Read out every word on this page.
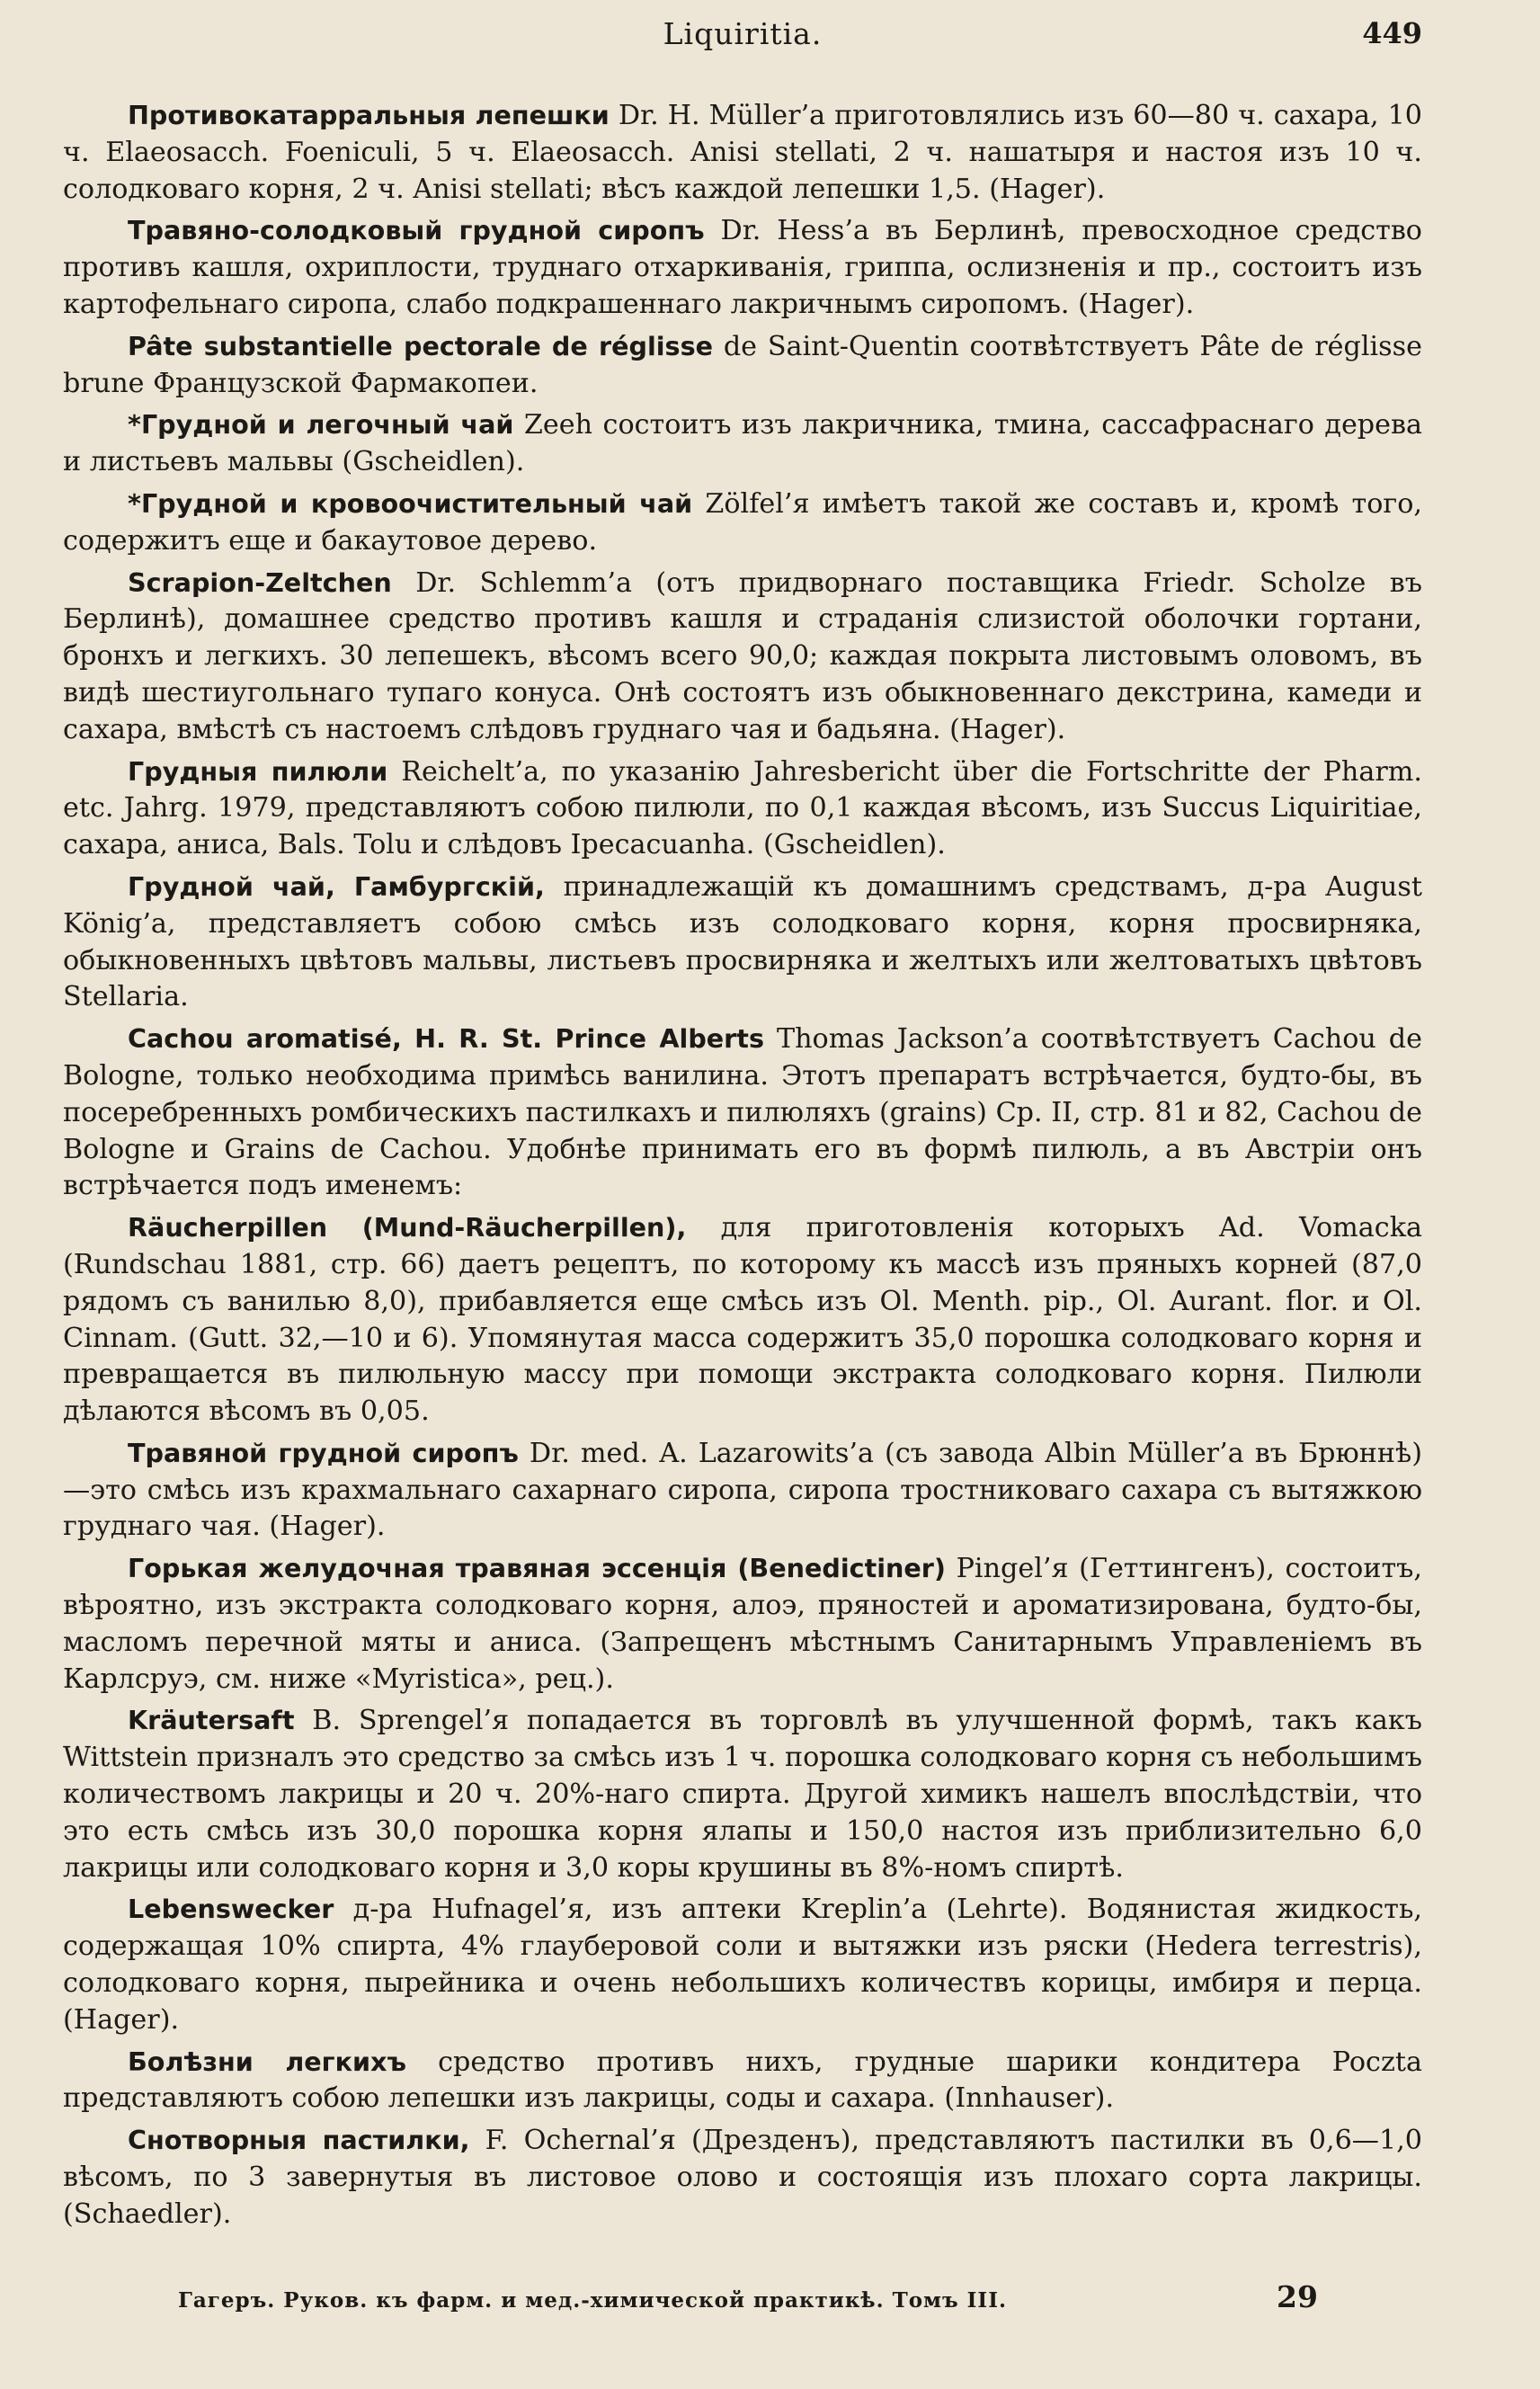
Liquiritia.	449

Противокатарральныя лепешки Dr. H. Müller’a приготовлялись изъ 60—80 ч. сахара, 10 ч. Elaeosacch. Foeniculi, 5 ч. Elaeosacch. Anisi stellati, 2 ч. нашатыря и настоя изъ 10 ч. солодковаго корня, 2 ч. Anisi stellati; вѣсъ каждой лепешки 1,5. (Hager).

Травяно-солодковый грудной сиропъ Dr. Hess’a въ Берлинѣ, превосходное средство противъ кашля, охриплости, труднаго отхаркиванія, гриппа, ослизненія и пр., состоитъ изъ картофельнаго сиропа, слабо подкрашеннаго лакричнымъ сиропомъ. (Hager).

Pâte substantielle pectorale de réglisse de Saint-Quentin соотвѣтствуетъ Pâte de réglisse brune Французской Фармакопеи.

*Грудной и легочный чай Zeeh состоитъ изъ лакричника, тмина, сассафраснаго дерева и листьевъ мальвы (Gscheidlen).

*Грудной и кровоочистительный чай Zölfel’я имѣетъ такой же составъ и, кромѣ того, содержитъ еще и бакаутовое дерево.

Scrapion-Zeltchen Dr. Schlemm’a (отъ придворнаго поставщика Friedr. Scholze въ Берлинѣ), домашнее средство противъ кашля и страданія слизистой оболочки гортани, бронхъ и легкихъ. 30 лепешекъ, вѣсомъ всего 90,0; каждая покрыта листовымъ оловомъ, въ видѣ шестиугольнаго тупаго конуса. Онѣ состоятъ изъ обыкновеннаго декстрина, камеди и сахара, вмѣстѣ съ настоемъ слѣдовъ груднаго чая и бадьяна. (Hager).

Грудныя пилюли Reichelt’a, по указанію Jahresbericht über die Fortschritte der Pharm. etc. Jahrg. 1979, представляютъ собою пилюли, по 0,1 каждая вѣсомъ, изъ Succus Liquiritiae, сахара, аниса, Bals. Tolu и слѣдовъ Ipecacuanha. (Gscheidlen).

Грудной чай, Гамбургскій, принадлежащій къ домашнимъ средствамъ, д-ра August König’a, представляетъ собою смѣсь изъ солодковаго корня, корня просвирняка, обыкновенныхъ цвѣтовъ мальвы, листьевъ просвирняка и желтыхъ или желтоватыхъ цвѣтовъ Stellaria.

Cachou aromatisé, H. R. St. Prince Alberts Thomas Jackson’a соотвѣтствуетъ Cachou de Bologne, только необходима примѣсь ванилина. Этотъ препаратъ встрѣчается, будто-бы, въ посеребренныхъ ромбическихъ пастилкахъ и пилюляхъ (grains) Ср. II, стр. 81 и 82, Cachou de Bologne и Grains de Cachou. Удобнѣе принимать его въ формѣ пилюль, а въ Австріи онъ встрѣчается подъ именемъ:

Räucherpillen (Mund-Räucherpillen), для приготовленія которыхъ Ad. Vomacka (Rundschau 1881, стр. 66) даетъ рецептъ, по которому къ массѣ изъ пряныхъ корней (87,0 рядомъ съ ванилью 8,0), прибавляется еще смѣсь изъ Ol. Menth. pip., Ol. Aurant. flor. и Ol. Cinnam. (Gutt. 32,—10 и 6). Упомянутая масса содержитъ 35,0 порошка солодковаго корня и превращается въ пилюльную массу при помощи экстракта солодковаго корня. Пилюли дѣлаются вѣсомъ въ 0,05.

Травяной грудной сиропъ Dr. med. A. Lazarowits’a (съ завода Albin Müller’a въ Брюннѣ)—это смѣсь изъ крахмальнаго сахарнаго сиропа, сиропа тростниковаго сахара съ вытяжкою груднаго чая. (Hager).

Горькая желудочная травяная эссенція (Benedictiner) Pingel’я (Геттингенъ), состоитъ, вѣроятно, изъ экстракта солодковаго корня, алоэ, пряностей и ароматизирована, будто-бы, масломъ перечной мяты и аниса. (Запрещенъ мѣстнымъ Санитарнымъ Управленіемъ въ Карлсруэ, см. ниже «Myristica», рец.).

Kräutersaft B. Sprengel’я попадается въ торговлѣ въ улучшенной формѣ, такъ какъ Wittstein призналъ это средство за смѣсь изъ 1 ч. порошка солодковаго корня съ небольшимъ количествомъ лакрицы и 20 ч. 20%-наго спирта. Другой химикъ нашелъ впослѣдствіи, что это есть смѣсь изъ 30,0 порошка корня ялапы и 150,0 настоя изъ приблизительно 6,0 лакрицы или солодковаго корня и 3,0 коры крушины въ 8%-номъ спиртѣ.

Lebenswecker д-ра Hufnagel’я, изъ аптеки Kreplin’a (Lehrte). Водянистая жидкость, содержащая 10% спирта, 4% глауберовой соли и вытяжки изъ ряски (Hedera terrestris), солодковаго корня, пырейника и очень небольшихъ количествъ корицы, имбиря и перца. (Hager).

Болѣзни легкихъ средство противъ нихъ, грудные шарики кондитера Poczta представляютъ собою лепешки изъ лакрицы, соды и сахара. (Innhauser).

Снотворныя пастилки, F. Ochernal’я (Дрезденъ), представляютъ пастилки въ 0,6—1,0 вѣсомъ, по 3 завернутыя въ листовое олово и состоящія изъ плохаго сорта лакрицы. (Schaedler).

Гагеръ. Руков. къ фарм. и мед.-химической практикѣ. Томъ III.	29
